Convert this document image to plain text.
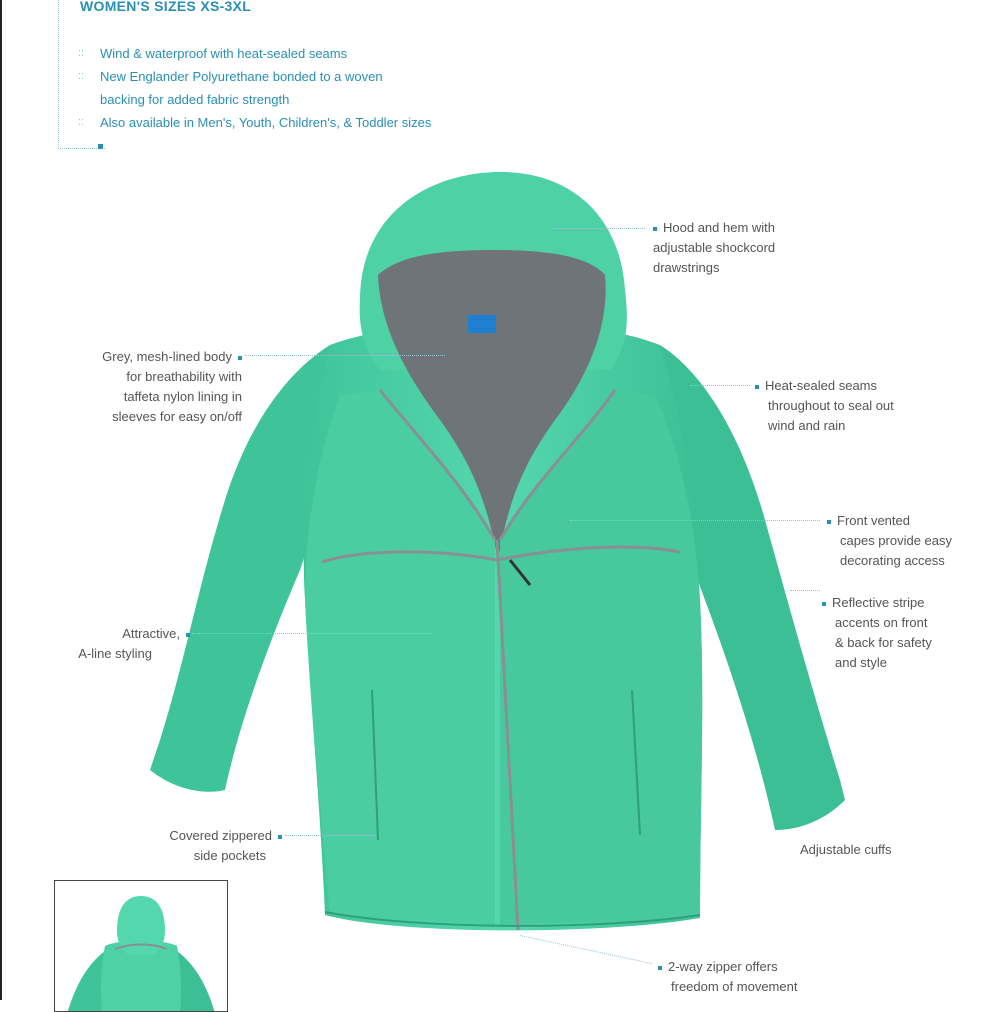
WOMEN'S SIZES XS-3XL
:: Wind & waterproof with heat-sealed seams
:: New Englander Polyurethane bonded to a woven
backing for added fabric strength
:: Also available in Men's, Youth, Children's, & Toddler sizes
Hood and hem with
adjustable shockcord
drawstrings
Grey, mesh-lined body
for breathability with
taffeta nylon lining in
sleeves for easy on/off
Heat-sealed seams
throughout to seal out
wind and rain
Front vented
capes provide easy
decorating access
Reflective stripe
accents on front
& back for safety
and style
Attractive,
A-line styling
Covered zippered
side pockets	Adjustable cuffs
2-way zipper offers
freedom of movement
